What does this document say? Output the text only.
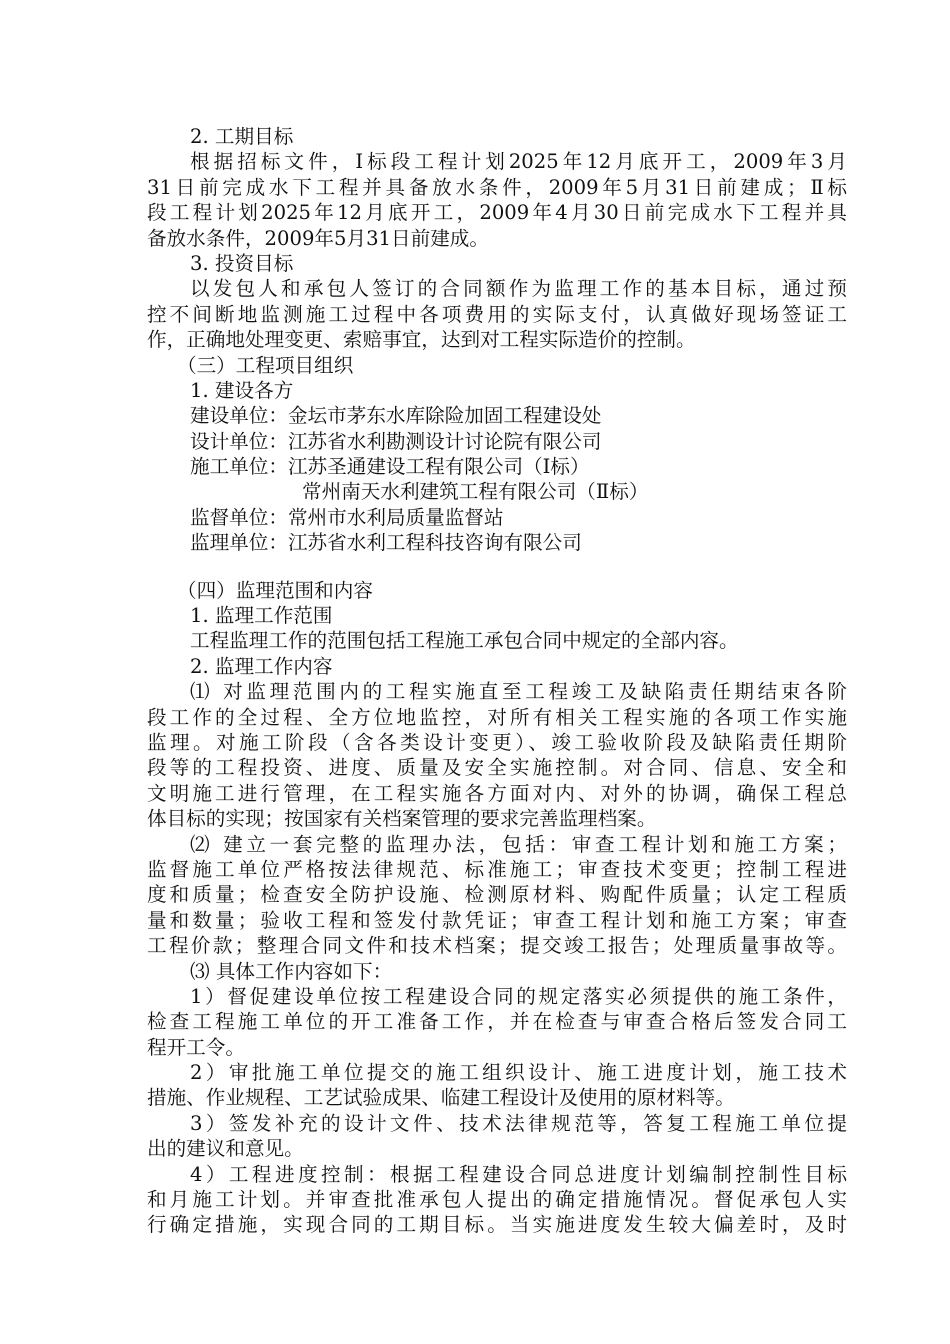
2. 工期目标
根据招标文件，Ⅰ标段工程计划2025年12月底开工，2009年3月
31日前完成水下工程并具备放水条件，2009年5月31日前建成；Ⅱ标
段工程计划2025年12月底开工，2009年4月30日前完成水下工程并具
备放水条件，2009年5月31日前建成。
3. 投资目标
以发包人和承包人签订的合同额作为监理工作的基本目标，通过预
控不间断地监测施工过程中各项费用的实际支付，认真做好现场签证工
作，正确地处理变更、索赔事宜，达到对工程实际造价的控制。
（三）工程项目组织
1. 建设各方
建设单位：金坛市茅东水库除险加固工程建设处
设计单位：江苏省水利勘测设计讨论院有限公司
施工单位：江苏圣通建设工程有限公司（Ⅰ标）
常州南天水利建筑工程有限公司（Ⅱ标）
监督单位：常州市水利局质量监督站
监理单位：江苏省水利工程科技咨询有限公司
（四）监理范围和内容
1. 监理工作范围
工程监理工作的范围包括工程施工承包合同中规定的全部内容。
2. 监理工作内容
⑴ 对监理范围内的工程实施直至工程竣工及缺陷责任期结束各阶
段工作的全过程、全方位地监控，对所有相关工程实施的各项工作实施
监理。对施工阶段（含各类设计变更）、竣工验收阶段及缺陷责任期阶
段等的工程投资、进度、质量及安全实施控制。对合同、信息、安全和
文明施工进行管理，在工程实施各方面对内、对外的协调，确保工程总
体目标的实现；按国家有关档案管理的要求完善监理档案。
⑵ 建立一套完整的监理办法，包括：审查工程计划和施工方案；
监督施工单位严格按法律规范、标准施工；审查技术变更；控制工程进
度和质量；检查安全防护设施、检测原材料、购配件质量；认定工程质
量和数量；验收工程和签发付款凭证；审查工程计划和施工方案；审查
工程价款；整理合同文件和技术档案；提交竣工报告；处理质量事故等。
⑶ 具体工作内容如下：
1）督促建设单位按工程建设合同的规定落实必须提供的施工条件，
检查工程施工单位的开工准备工作，并在检查与审查合格后签发合同工
程开工令。
2）审批施工单位提交的施工组织设计、施工进度计划，施工技术
措施、作业规程、工艺试验成果、临建工程设计及使用的原材料等。
3）签发补充的设计文件、技术法律规范等，答复工程施工单位提
出的建议和意见。
4）工程进度控制：根据工程建设合同总进度计划编制控制性目标
和月施工计划。并审查批准承包人提出的确定措施情况。督促承包人实
行确定措施，实现合同的工期目标。当实施进度发生较大偏差时，及时
